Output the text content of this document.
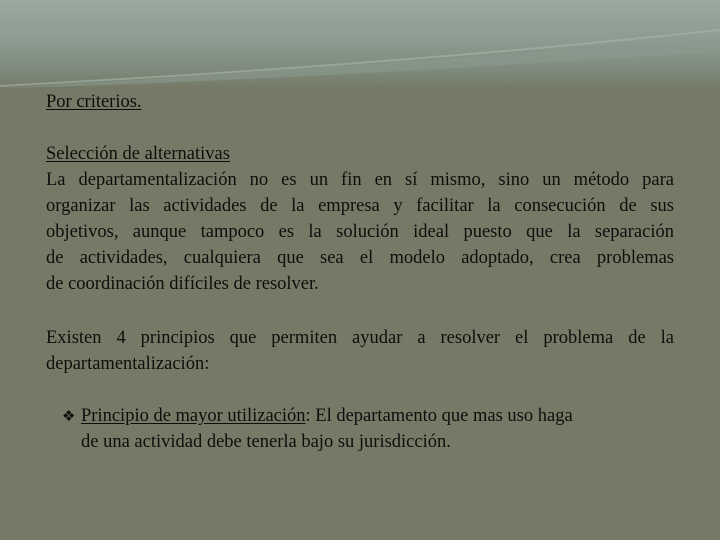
Por criterios.
Selección de alternativas
La departamentalización no es un fin en sí mismo, sino un método para
organizar las actividades de la empresa y facilitar la consecución de sus
objetivos, aunque tampoco es la solución ideal puesto que la separación
de actividades, cualquiera que sea el modelo adoptado, crea problemas
de coordinación difíciles de resolver.
Existen 4 principios que permiten ayudar a resolver el problema de la
departamentalización:
❖ Principio de mayor utilización: El departamento que mas uso haga
de una actividad debe tenerla bajo su jurisdicción.
